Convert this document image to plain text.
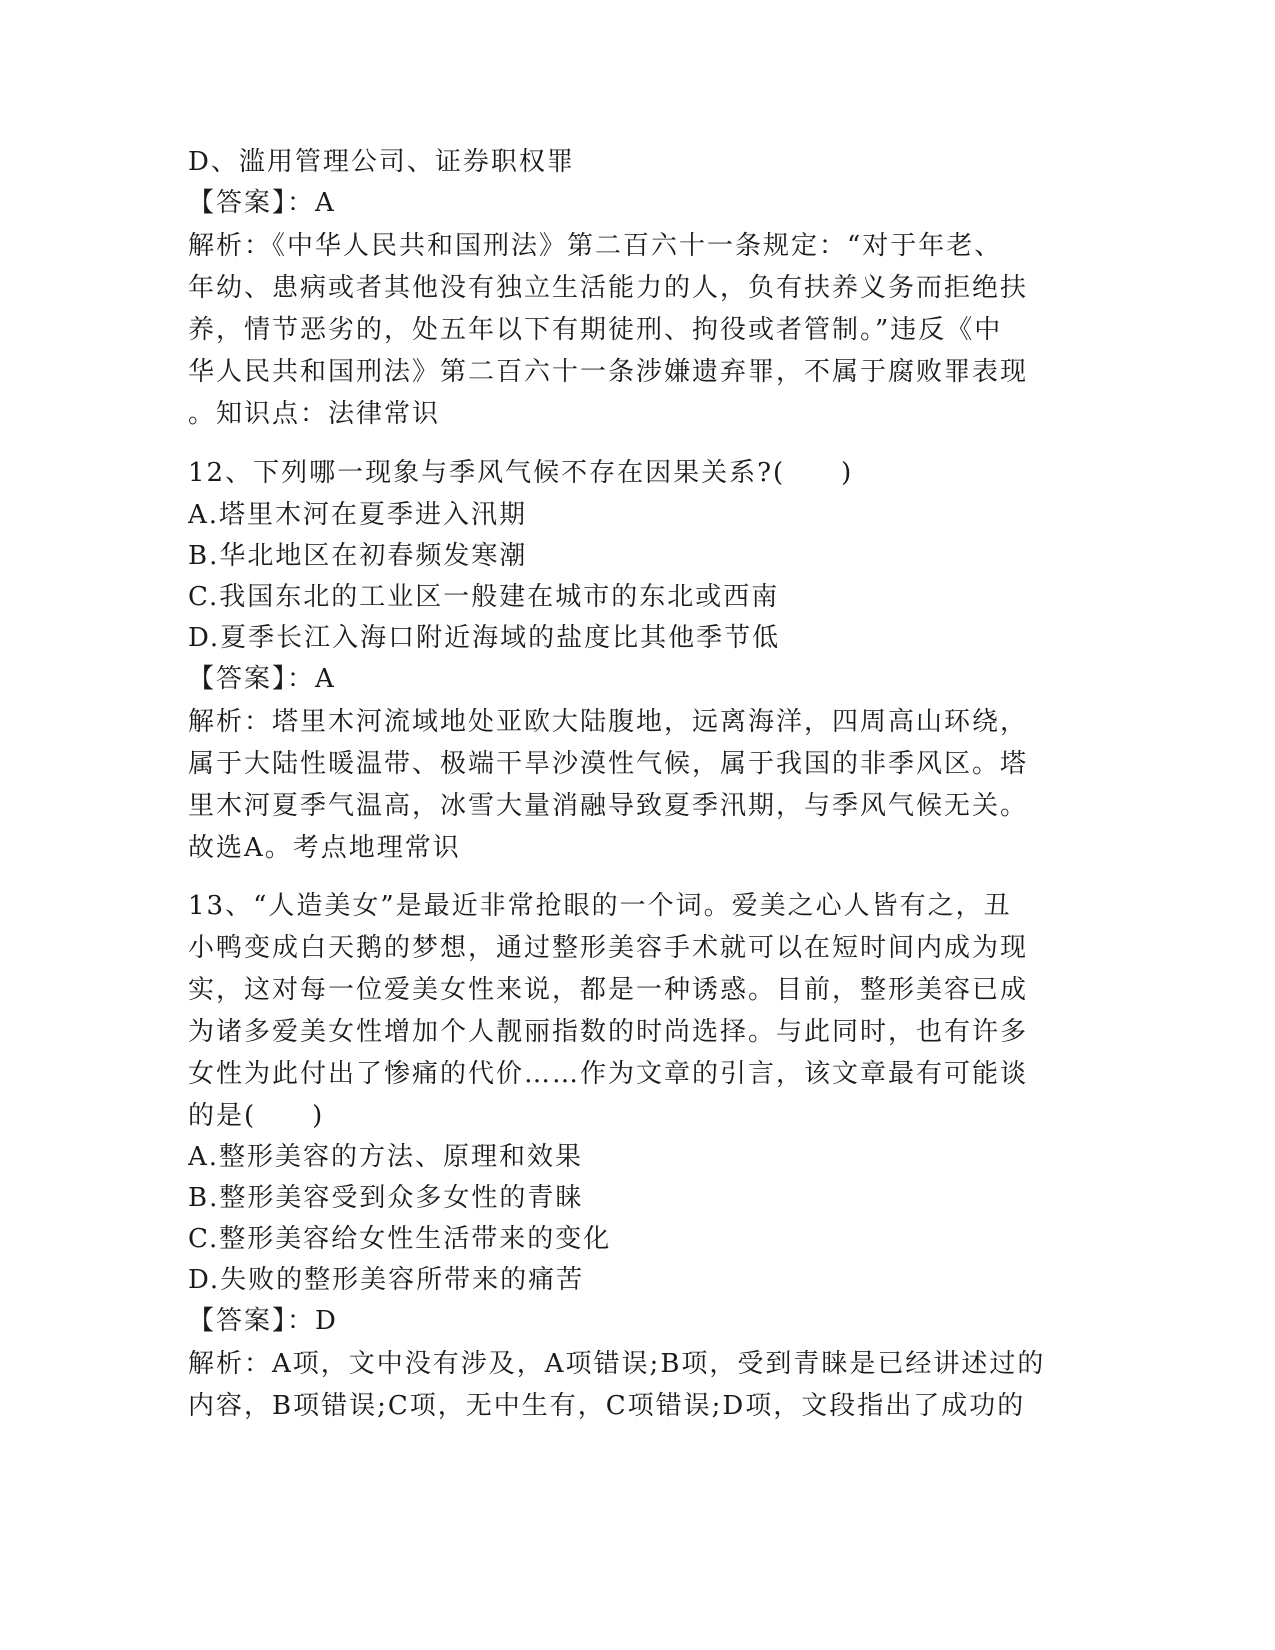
D、滥用管理公司、证券职权罪
【答案】：A
解析：《中华人民共和国刑法》第二百六十一条规定：“对于年老、
年幼、患病或者其他没有独立生活能力的人，负有扶养义务而拒绝扶
养，情节恶劣的，处五年以下有期徒刑、拘役或者管制。”违反《中
华人民共和国刑法》第二百六十一条涉嫌遗弃罪，不属于腐败罪表现
。知识点：法律常识
12、下列哪一现象与季风气候不存在因果关系?(　　)
A.塔里木河在夏季进入汛期
B.华北地区在初春频发寒潮
C.我国东北的工业区一般建在城市的东北或西南
D.夏季长江入海口附近海域的盐度比其他季节低
【答案】：A
解析：塔里木河流域地处亚欧大陆腹地，远离海洋，四周高山环绕，
属于大陆性暖温带、极端干旱沙漠性气候，属于我国的非季风区。塔
里木河夏季气温高，冰雪大量消融导致夏季汛期，与季风气候无关。
故选A。考点地理常识
13、“人造美女”是最近非常抢眼的一个词。爱美之心人皆有之，丑
小鸭变成白天鹅的梦想，通过整形美容手术就可以在短时间内成为现
实，这对每一位爱美女性来说，都是一种诱惑。目前，整形美容已成
为诸多爱美女性增加个人靓丽指数的时尚选择。与此同时，也有许多
女性为此付出了惨痛的代价……作为文章的引言，该文章最有可能谈
的是(　　)
A.整形美容的方法、原理和效果
B.整形美容受到众多女性的青睐
C.整形美容给女性生活带来的变化
D.失败的整形美容所带来的痛苦
【答案】：D
解析：A项，文中没有涉及，A项错误;B项，受到青睐是已经讲述过的
内容，B项错误;C项，无中生有，C项错误;D项，文段指出了成功的
